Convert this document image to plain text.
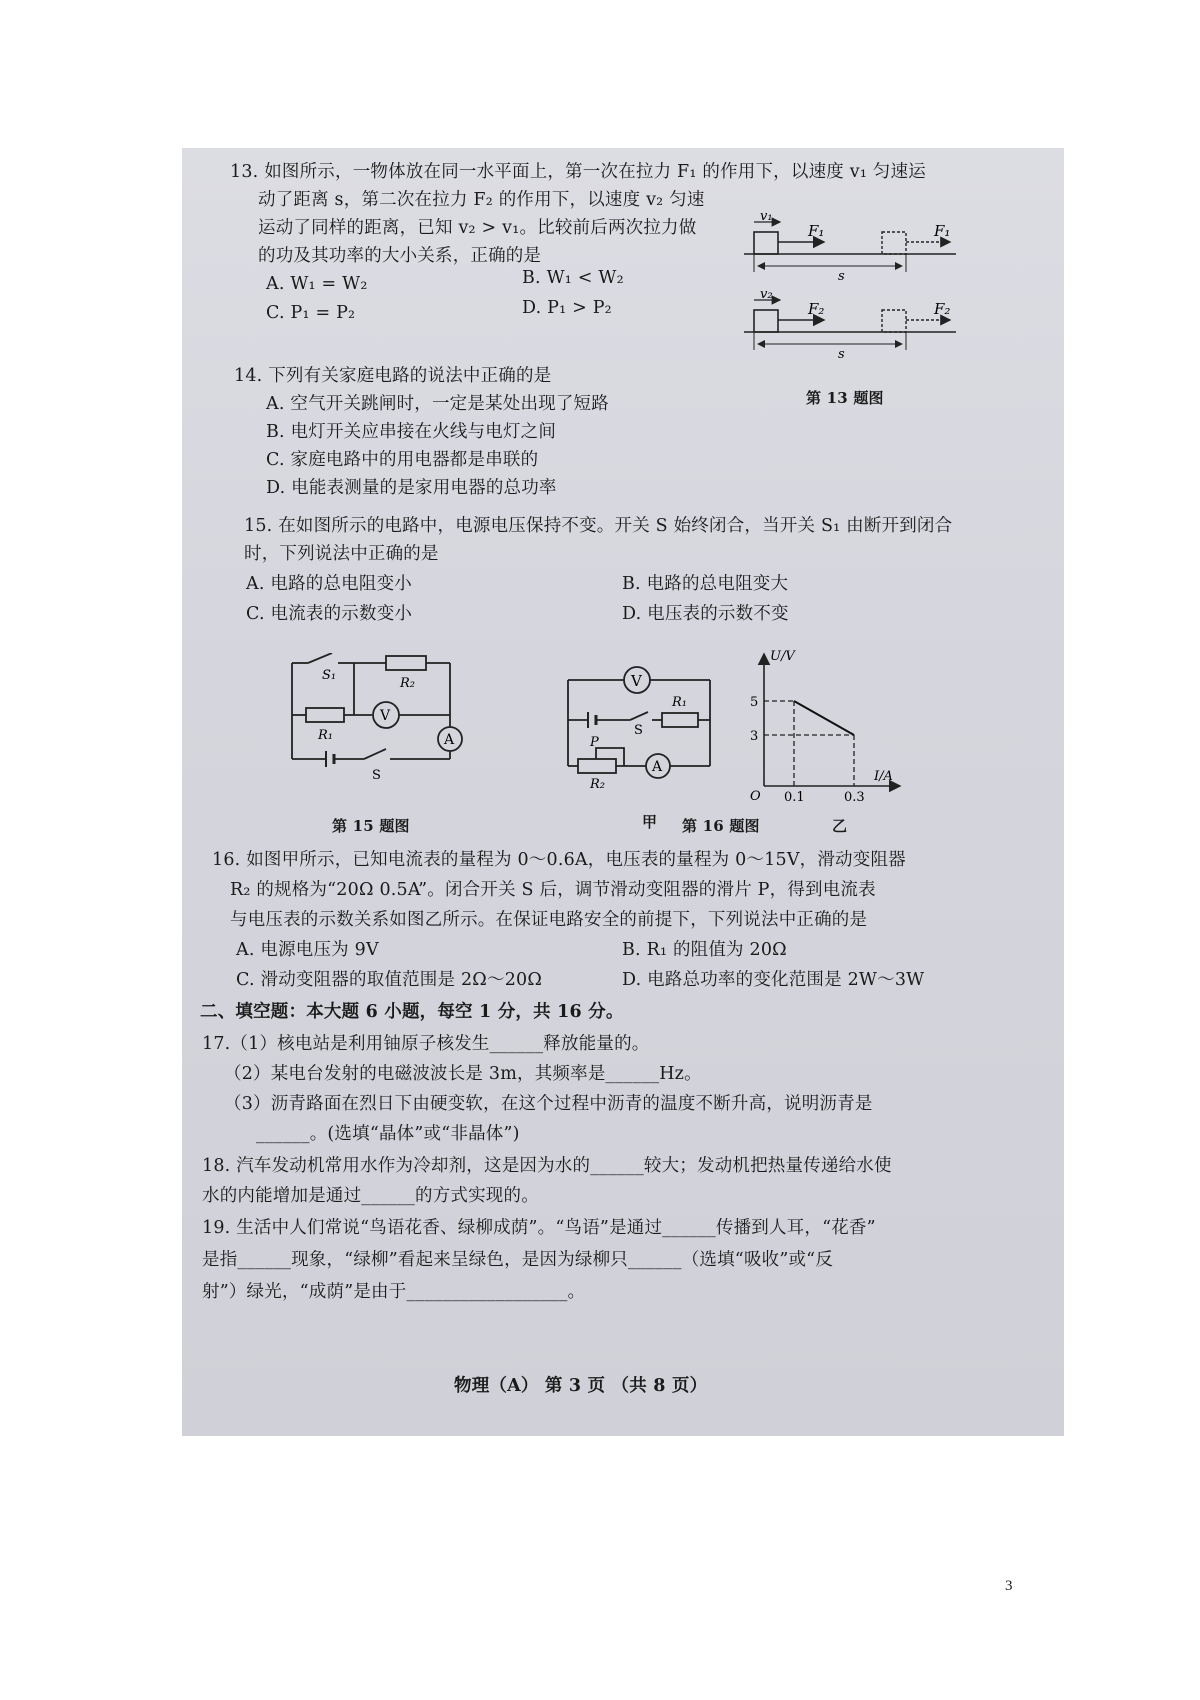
13. 如图所示，一物体放在同一水平面上，第一次在拉力 F₁ 的作用下，以速度 v₁ 匀速运
动了距离 s，第二次在拉力 F₂ 的作用下，以速度 v₂ 匀速
运动了同样的距离，已知 v₂ > v₁。比较前后两次拉力做
的功及其功率的大小关系，正确的是
A. W₁ = W₂	B. W₁ < W₂
C. P₁ = P₂	D. P₁ > P₂
v₁
F₁	F₁
s
v₂
F₂	F₂
s
第 13 题图
14. 下列有关家庭电路的说法中正确的是
A. 空气开关跳闸时，一定是某处出现了短路
B. 电灯开关应串接在火线与电灯之间
C. 家庭电路中的用电器都是串联的
D. 电能表测量的是家用电器的总功率
15. 在如图所示的电路中，电源电压保持不变。开关 S 始终闭合，当开关 S₁ 由断开到闭合
时，下列说法中正确的是
A. 电路的总电阻变小	B. 电路的总电阻变大
C. 电流表的示数变小	D. 电压表的示数不变
S₁
R₂
R₁
V
A
S
第 15 题图
V
A
R₁
S
P
R₂
5
3
0.1	0.3
U/V
I/A
O
甲 第 16 题图	乙
16. 如图甲所示，已知电流表的量程为 0～0.6A，电压表的量程为 0～15V，滑动变阻器
R₂ 的规格为“20Ω 0.5A”。闭合开关 S 后，调节滑动变阻器的滑片 P，得到电流表
与电压表的示数关系如图乙所示。在保证电路安全的前提下，下列说法中正确的是
A. 电源电压为 9V	B. R₁ 的阻值为 20Ω
C. 滑动变阻器的取值范围是 2Ω～20Ω	D. 电路总功率的变化范围是 2W～3W
二、填空题：本大题 6 小题，每空 1 分，共 16 分。
17.（1）核电站是利用铀原子核发生______释放能量的。
（2）某电台发射的电磁波波长是 3m，其频率是______Hz。
（3）沥青路面在烈日下由硬变软，在这个过程中沥青的温度不断升高，说明沥青是
______。(选填“晶体”或“非晶体”)
18. 汽车发动机常用水作为冷却剂，这是因为水的______较大；发动机把热量传递给水使
水的内能增加是通过______的方式实现的。
19. 生活中人们常说“鸟语花香、绿柳成荫”。“鸟语”是通过______传播到人耳，“花香”
是指______现象，“绿柳”看起来呈绿色，是因为绿柳只______（选填“吸收”或“反
射”）绿光，“成荫”是由于__________________。
物理（A） 第 3 页 （共 8 页）
3
